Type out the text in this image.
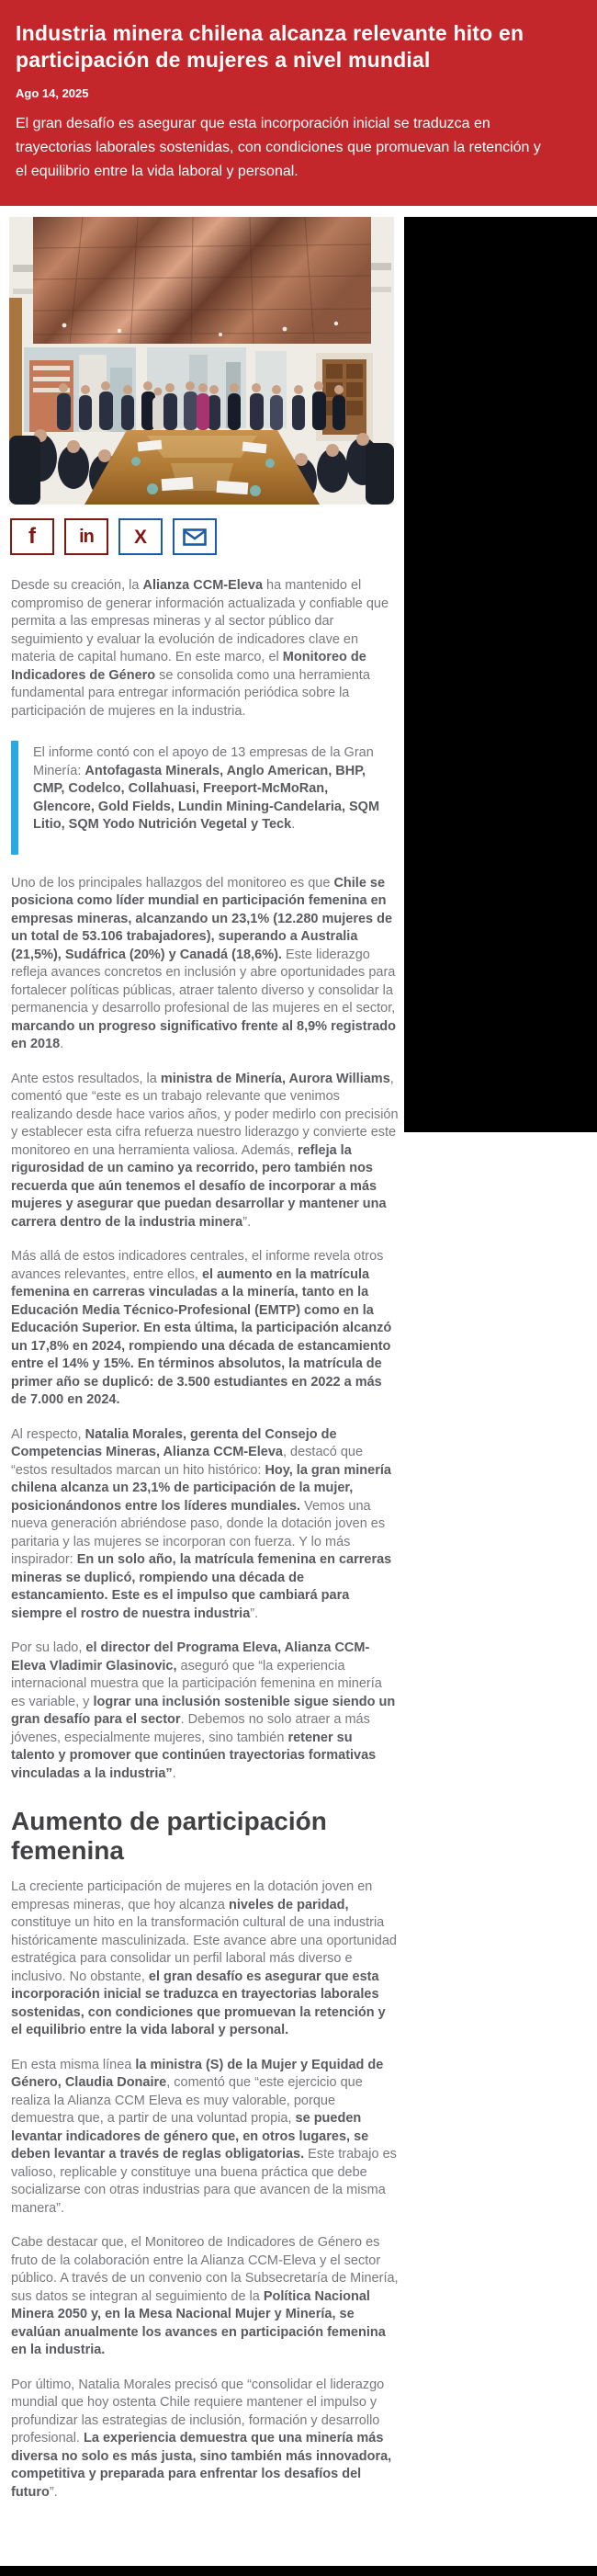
Industria minera chilena alcanza relevante hito en participación de mujeres a nivel mundial
Ago 14, 2025
El gran desafío es asegurar que esta incorporación inicial se traduzca en trayectorias laborales sostenidas, con condiciones que promuevan la retención y el equilibrio entre la vida laboral y personal.
f in X

Desde su creación, la Alianza CCM-Eleva ha mantenido el compromiso de generar información actualizada y confiable que permita a las empresas mineras y al sector público dar seguimiento y evaluar la evolución de indicadores clave en materia de capital humano. En este marco, el Monitoreo de Indicadores de Género se consolida como una herramienta fundamental para entregar información periódica sobre la participación de mujeres en la industria.

El informe contó con el apoyo de 13 empresas de la Gran Minería: Antofagasta Minerals, Anglo American, BHP, CMP, Codelco, Collahuasi, Freeport-McMoRan, Glencore, Gold Fields, Lundin Mining-Candelaria, SQM Litio, SQM Yodo Nutrición Vegetal y Teck.

Uno de los principales hallazgos del monitoreo es que Chile se posiciona como líder mundial en participación femenina en empresas mineras, alcanzando un 23,1% (12.280 mujeres de un total de 53.106 trabajadores), superando a Australia (21,5%), Sudáfrica (20%) y Canadá (18,6%). Este liderazgo refleja avances concretos en inclusión y abre oportunidades para fortalecer políticas públicas, atraer talento diverso y consolidar la permanencia y desarrollo profesional de las mujeres en el sector, marcando un progreso significativo frente al 8,9% registrado en 2018.

Ante estos resultados, la ministra de Minería, Aurora Williams, comentó que “este es un trabajo relevante que venimos realizando desde hace varios años, y poder medirlo con precisión y establecer esta cifra refuerza nuestro liderazgo y convierte este monitoreo en una herramienta valiosa. Además, refleja la rigurosidad de un camino ya recorrido, pero también nos recuerda que aún tenemos el desafío de incorporar a más mujeres y asegurar que puedan desarrollar y mantener una carrera dentro de la industria minera”.

Más allá de estos indicadores centrales, el informe revela otros avances relevantes, entre ellos, el aumento en la matrícula femenina en carreras vinculadas a la minería, tanto en la Educación Media Técnico-Profesional (EMTP) como en la Educación Superior. En esta última, la participación alcanzó un 17,8% en 2024, rompiendo una década de estancamiento entre el 14% y 15%. En términos absolutos, la matrícula de primer año se duplicó: de 3.500 estudiantes en 2022 a más de 7.000 en 2024.

Al respecto, Natalia Morales, gerenta del Consejo de Competencias Mineras, Alianza CCM-Eleva, destacó que “estos resultados marcan un hito histórico: Hoy, la gran minería chilena alcanza un 23,1% de participación de la mujer, posicionándonos entre los líderes mundiales. Vemos una nueva generación abriéndose paso, donde la dotación joven es paritaria y las mujeres se incorporan con fuerza. Y lo más inspirador: En un solo año, la matrícula femenina en carreras mineras se duplicó, rompiendo una década de estancamiento. Este es el impulso que cambiará para siempre el rostro de nuestra industria”.

Por su lado, el director del Programa Eleva, Alianza CCM-Eleva Vladimir Glasinovic, aseguró que “la experiencia internacional muestra que la participación femenina en minería es variable, y lograr una inclusión sostenible sigue siendo un gran desafío para el sector. Debemos no solo atraer a más jóvenes, especialmente mujeres, sino también retener su talento y promover que continúen trayectorias formativas vinculadas a la industria”.

Aumento de participación femenina

La creciente participación de mujeres en la dotación joven en empresas mineras, que hoy alcanza niveles de paridad, constituye un hito en la transformación cultural de una industria históricamente masculinizada. Este avance abre una oportunidad estratégica para consolidar un perfil laboral más diverso e inclusivo. No obstante, el gran desafío es asegurar que esta incorporación inicial se traduzca en trayectorias laborales sostenidas, con condiciones que promuevan la retención y el equilibrio entre la vida laboral y personal.

En esta misma línea la ministra (S) de la Mujer y Equidad de Género, Claudia Donaire, comentó que “este ejercicio que realiza la Alianza CCM Eleva es muy valorable, porque demuestra que, a partir de una voluntad propia, se pueden levantar indicadores de género que, en otros lugares, se deben levantar a través de reglas obligatorias. Este trabajo es valioso, replicable y constituye una buena práctica que debe socializarse con otras industrias para que avancen de la misma manera”.

Cabe destacar que, el Monitoreo de Indicadores de Género es fruto de la colaboración entre la Alianza CCM-Eleva y el sector público. A través de un convenio con la Subsecretaría de Minería, sus datos se integran al seguimiento de la Política Nacional Minera 2050 y, en la Mesa Nacional Mujer y Minería, se evalúan anualmente los avances en participación femenina en la industria.

Por último, Natalia Morales precisó que “consolidar el liderazgo mundial que hoy ostenta Chile requiere mantener el impulso y profundizar las estrategias de inclusión, formación y desarrollo profesional. La experiencia demuestra que una minería más diversa no solo es más justa, sino también más innovadora, competitiva y preparada para enfrentar los desafíos del futuro”.
